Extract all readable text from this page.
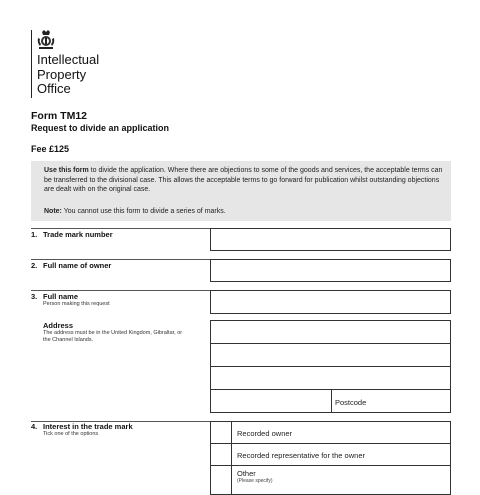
Intellectual
Property
Office
Form TM12
Request to divide an application
Fee £125

Use this form to divide the application. Where there are objections to some of the goods and services, the acceptable terms can be transferred to the divisional case. This allows the acceptable terms to go forward for publication whilst outstanding objections are dealt with on the original case.

Note: You cannot use this form to divide a series of marks.

1. Trade mark number
2. Full name of owner
3. Full name
Person making this request
Address
The address must be in the United Kingdom, Gibraltar, or the Channel Islands.
Postcode
4. Interest in the trade mark
Tick one of the options	Recorded owner
Recorded representative for the owner
Other
(Please specify)
